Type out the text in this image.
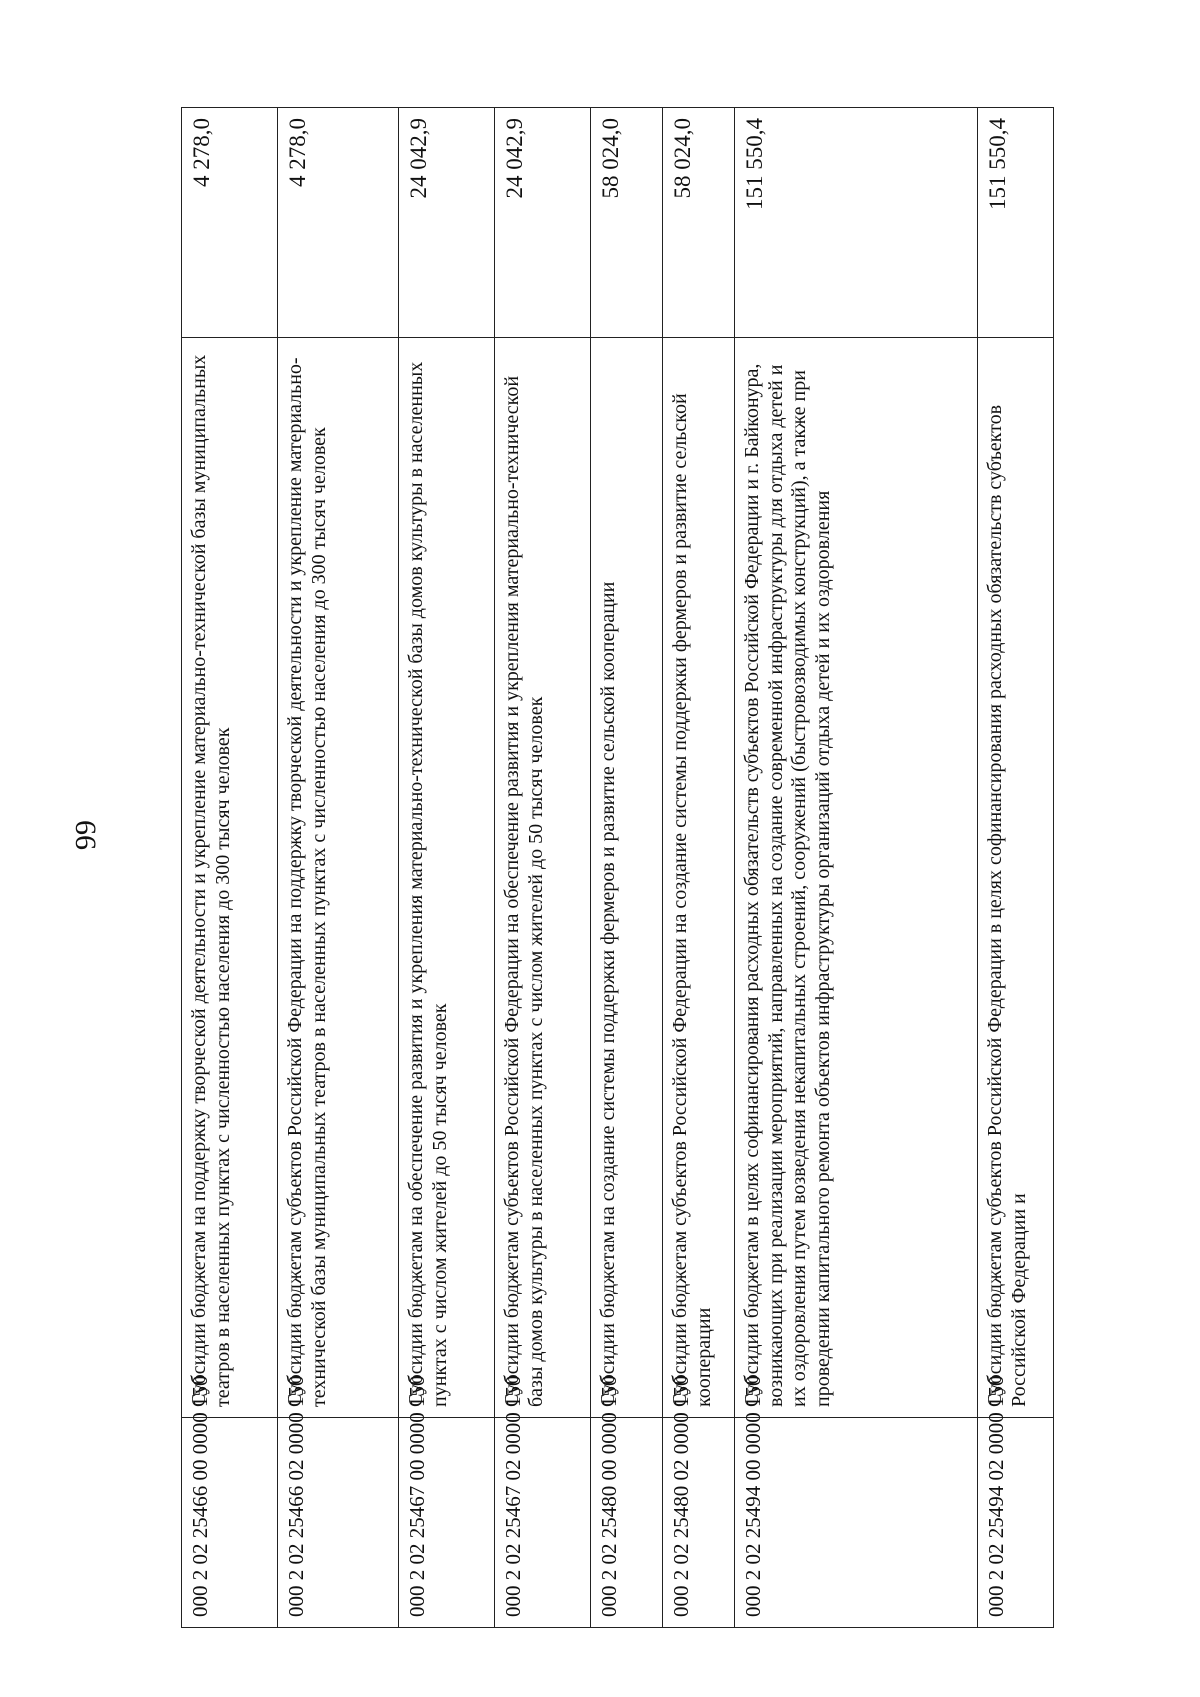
66
000 2 02 25466 00 0000 150	Субсидии бюджетам на поддержку творческой деятельности и укрепление материально-технической базы муниципальных театров в населенных пунктах с численностью населения до 300 тысяч человек	4 278,0
000 2 02 25466 02 0000 150	Субсидии бюджетам субъектов Российской Федерации на поддержку творческой деятельности и укрепление материально-технической базы муниципальных театров в населенных пунктах с численностью населения до 300 тысяч человек	4 278,0
000 2 02 25467 00 0000 150	Субсидии бюджетам на обеспечение развития и укрепления материально-технической базы домов культуры в населенных пунктах с числом жителей до 50 тысяч человек	24 042,9
000 2 02 25467 02 0000 150	Субсидии бюджетам субъектов Российской Федерации на обеспечение развития и укрепления материально-технической базы домов культуры в населенных пунктах с числом жителей до 50 тысяч человек	24 042,9
000 2 02 25480 00 0000 150	Субсидии бюджетам на создание системы поддержки фермеров и развитие сельской кооперации	58 024,0
000 2 02 25480 02 0000 150	Субсидии бюджетам субъектов Российской Федерации на создание системы поддержки фермеров и развитие сельской кооперации	58 024,0
000 2 02 25494 00 0000 150	Субсидии бюджетам в целях софинансирования расходных обязательств субъектов Российской Федерации и г. Байконура, возникающих при реализации мероприятий, направленных на создание современной инфраструктуры для отдыха детей и их оздоровления путем возведения некапитальных строений, сооружений (быстровозводимых конструкций), а также при проведении капитального ремонта объектов инфраструктуры организаций отдыха детей и их оздоровления	151 550,4
000 2 02 25494 02 0000 150	Субсидии бюджетам субъектов Российской Федерации в целях софинансирования расходных обязательств субъектов Российской Федерации и	151 550,4
